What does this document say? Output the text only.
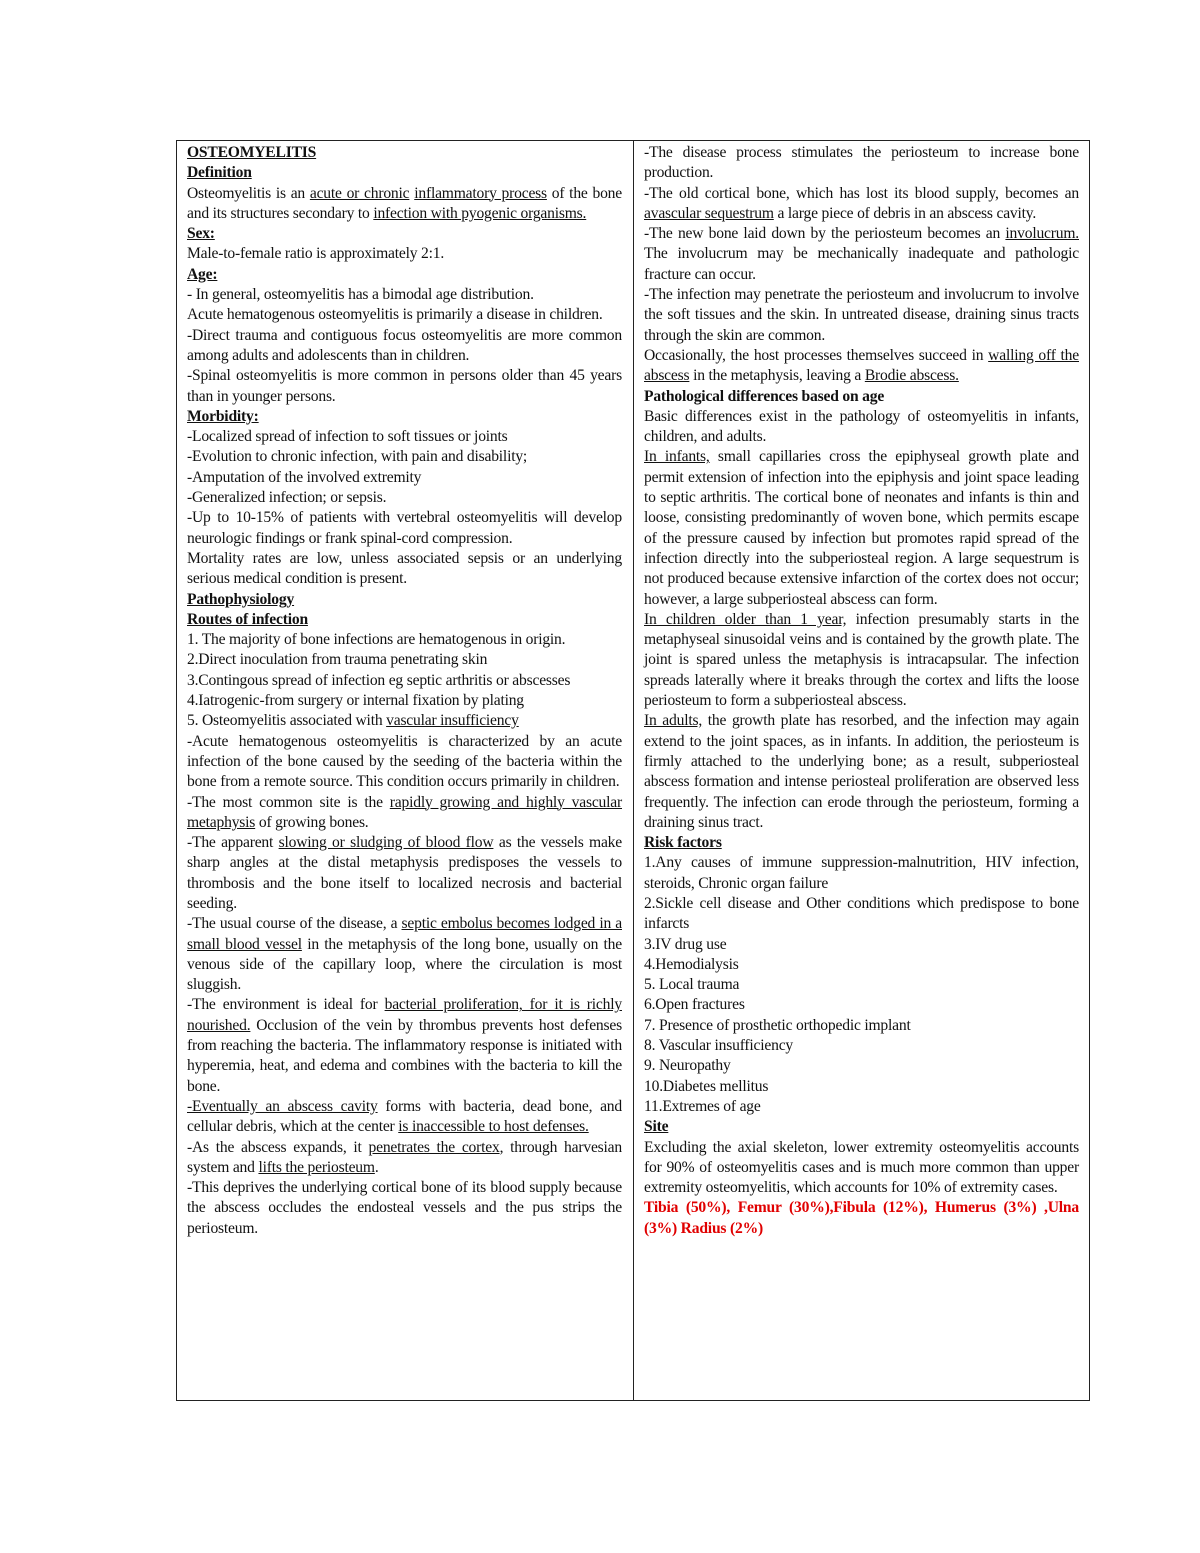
OSTEOMYELITIS

Definition

Osteomyelitis is an acute or chronic inflammatory process of the bone and its structures secondary to infection with pyogenic organisms.

Sex:

Male-to-female ratio is approximately 2:1.

Age:

- In general, osteomyelitis has a bimodal age distribution.

Acute hematogenous osteomyelitis is primarily a disease in children.

-Direct trauma and contiguous focus osteomyelitis are more common among adults and adolescents than in children.

-Spinal osteomyelitis is more common in persons older than 45 years than in younger persons.

Morbidity:

-Localized spread of infection to soft tissues or joints

-Evolution to chronic infection, with pain and disability;

-Amputation of the involved extremity

-Generalized infection; or sepsis.

-Up to 10-15% of patients with vertebral osteomyelitis will develop neurologic findings or frank spinal-cord compression.

Mortality rates are low, unless associated sepsis or an underlying serious medical condition is present.

Pathophysiology

Routes of infection

1. The majority of bone infections are hematogenous in origin.

2.Direct inoculation from trauma penetrating skin

3.Contingous spread of infection eg septic arthritis or abscesses

4.Iatrogenic-from surgery or internal fixation by plating

5. Osteomyelitis associated with vascular insufficiency

-Acute hematogenous osteomyelitis is characterized by an acute infection of the bone caused by the seeding of the bacteria within the bone from a remote source. This condition occurs primarily in children.

-The most common site is the rapidly growing and highly vascular metaphysis of growing bones.

-The apparent slowing or sludging of blood flow as the vessels make sharp angles at the distal metaphysis predisposes the vessels to thrombosis and the bone itself to localized necrosis and bacterial seeding.

-The usual course of the disease, a septic embolus becomes lodged in a small blood vessel in the metaphysis of the long bone, usually on the venous side of the capillary loop, where the circulation is most sluggish.

-The environment is ideal for bacterial proliferation, for it is richly nourished. Occlusion of the vein by thrombus prevents host defenses from reaching the bacteria. The inflammatory response is initiated with hyperemia, heat, and edema and combines with the bacteria to kill the bone.

-Eventually an abscess cavity forms with bacteria, dead bone, and cellular debris, which at the center is inaccessible to host defenses.

-As the abscess expands, it penetrates the cortex, through harvesian system and lifts the periosteum.

-This deprives the underlying cortical bone of its blood supply because the abscess occludes the endosteal vessels and the pus strips the periosteum.

-The disease process stimulates the periosteum to increase bone production.

-The old cortical bone, which has lost its blood supply, becomes an avascular sequestrum a large piece of debris in an abscess cavity.

-The new bone laid down by the periosteum becomes an involucrum. The involucrum may be mechanically inadequate and pathologic fracture can occur.

-The infection may penetrate the periosteum and involucrum to involve the soft tissues and the skin. In untreated disease, draining sinus tracts through the skin are common.

Occasionally, the host processes themselves succeed in walling off the abscess in the metaphysis, leaving a Brodie abscess.

Pathological differences based on age

Basic differences exist in the pathology of osteomyelitis in infants, children, and adults.

In infants, small capillaries cross the epiphyseal growth plate and permit extension of infection into the epiphysis and joint space leading to septic arthritis. The cortical bone of neonates and infants is thin and loose, consisting predominantly of woven bone, which permits escape of the pressure caused by infection but promotes rapid spread of the infection directly into the subperiosteal region. A large sequestrum is not produced because extensive infarction of the cortex does not occur; however, a large subperiosteal abscess can form.

In children older than 1 year, infection presumably starts in the metaphyseal sinusoidal veins and is contained by the growth plate. The joint is spared unless the metaphysis is intracapsular. The infection spreads laterally where it breaks through the cortex and lifts the loose periosteum to form a subperiosteal abscess.

In adults, the growth plate has resorbed, and the infection may again extend to the joint spaces, as in infants. In addition, the periosteum is firmly attached to the underlying bone; as a result, subperiosteal abscess formation and intense periosteal proliferation are observed less frequently. The infection can erode through the periosteum, forming a draining sinus tract.

Risk factors

1.Any causes of immune suppression-malnutrition, HIV infection, steroids, Chronic organ failure

2.Sickle cell disease and Other conditions which predispose to bone infarcts

3.IV drug use

4.Hemodialysis

5. Local trauma

6.Open fractures

7. Presence of prosthetic orthopedic implant

8. Vascular insufficiency

9. Neuropathy

10.Diabetes mellitus

11.Extremes of age

Site

Excluding the axial skeleton, lower extremity osteomyelitis accounts for 90% of osteomyelitis cases and is much more common than upper extremity osteomyelitis, which accounts for 10% of extremity cases.

Tibia (50%), Femur (30%),Fibula (12%), Humerus (3%) ,Ulna (3%) Radius (2%)
